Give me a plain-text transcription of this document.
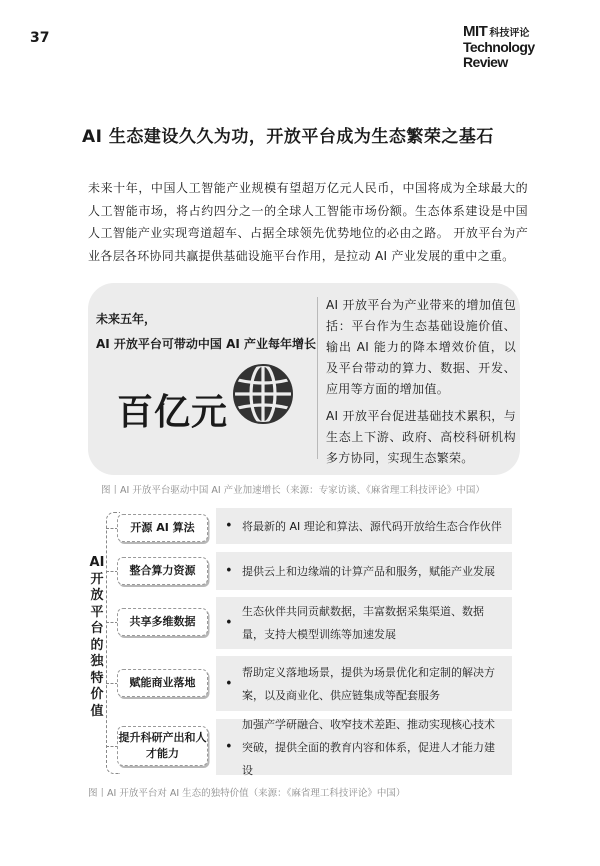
37	MIT 科技评论
Technology
Review
AI 生态建设久久为功，开放平台成为生态繁荣之基石

未来十年，中国人工智能产业规模有望超万亿元人民币，中国将成为全球最大的人工智能市场，将占约四分之一的全球人工智能市场份额。生态体系建设是中国人工智能产业实现弯道超车、占据全球领先优势地位的必由之路。 开放平台为产业各层各环协同共赢提供基础设施平台作用，是拉动 AI 产业发展的重中之重。

未来五年，
AI 开放平台可带动中国 AI 产业每年增长
百亿元

AI 开放平台为产业带来的增加值包括：平台作为生态基础设施价值、输出 AI 能力的降本增效价值，以及平台带动的算力、数据、开发、应用等方面的增加值。

AI 开放平台促进基础技术累积，与生态上下游、政府、高校科研机构多方协同，实现生态繁荣。

图丨AI 开放平台驱动中国 AI 产业加速增长（来源：专家访谈、《麻省理工科技评论》中国）
AI开放平台的独特价值
开源 AI 算法
整合算力资源
共享多维数据
赋能商业落地
提升科研产出和人才能力
• 将最新的 AI 理论和算法、源代码开放给生态合作伙伴
• 提供云上和边缘端的计算产品和服务，赋能产业发展
•
生态伙伴共同贡献数据，丰富数据采集渠道、数据量，支持大模型训练等加速发展
•
帮助定义落地场景，提供为场景优化和定制的解决方案，以及商业化、供应链集成等配套服务
•
加强产学研融合、收窄技术差距、推动实现核心技术突破，提供全面的教育内容和体系，促进人才能力建设
图丨AI 开放平台对 AI 生态的独特价值（来源：《麻省理工科技评论》中国）
